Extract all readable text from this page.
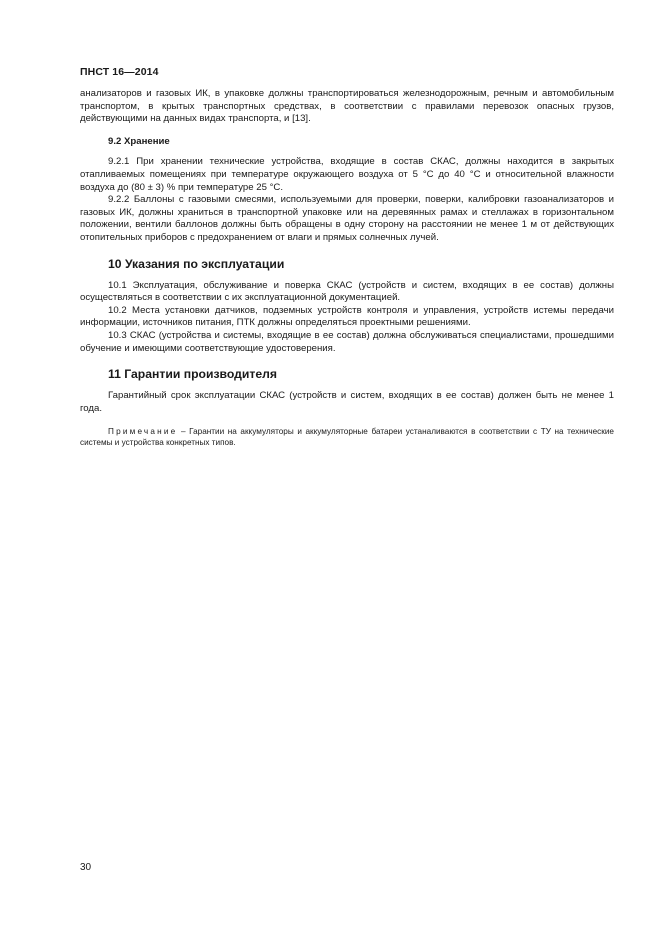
ПНСТ 16—2014

анализаторов и газовых ИК, в упаковке должны транспортироваться железнодорожным, речным и автомобильным транспортом, в крытых транспортных средствах, в соответствии с правилами перевозок опасных грузов, действующими на данных видах транспорта, и [13].

9.2 Хранение

9.2.1 При хранении технические устройства, входящие в состав СКАС, должны находится в закрытых отапливаемых помещениях при температуре окружающего воздуха от 5 °С до 40 °С и относительной влажности воздуха до (80 ± 3) % при температуре 25 °С.

9.2.2 Баллоны с газовыми смесями, используемыми для проверки, поверки, калибровки газоанализаторов и газовых ИК, должны храниться в транспортной упаковке или на деревянных рамах и стеллажах в горизонтальном положении, вентили баллонов должны быть обращены в одну сторону на расстоянии не менее 1 м от действующих отопительных приборов с предохранением от влаги и прямых солнечных лучей.

10 Указания по эксплуатации

10.1 Эксплуатация, обслуживание и поверка СКАС (устройств и систем, входящих в ее состав) должны осуществляться в соответствии с их эксплуатационной документацией.

10.2 Места установки датчиков, подземных устройств контроля и управления, устройств истемы передачи информации, источников питания, ПТК должны определяться проектными решениями.

10.3 СКАС (устройства и системы, входящие в ее состав) должна обслуживаться специалистами, прошедшими обучение и имеющими соответствующие удостоверения.

11 Гарантии производителя

Гарантийный срок эксплуатации СКАС (устройств и систем, входящих в ее состав) должен быть не менее 1 года.

Примечание – Гарантии на аккумуляторы и аккумуляторные батареи устаналиваются в соответствии с ТУ на технические системы и устройства конкретных типов.
30
